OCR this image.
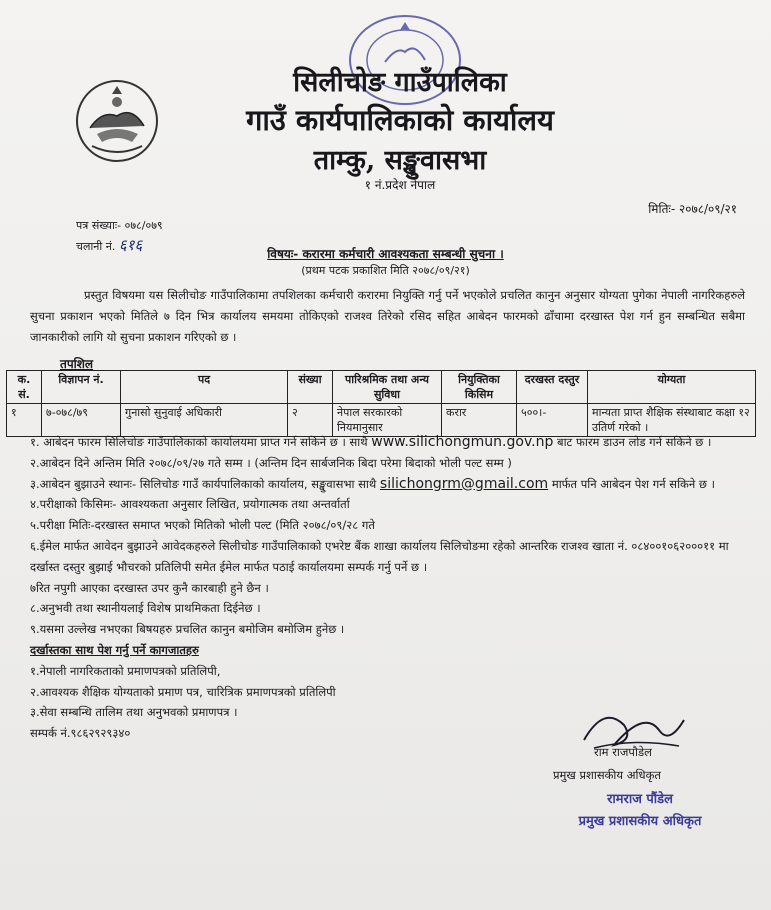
सिलीचोङ गाउँपालिका
गाउँ कार्यपालिकाको कार्यालय
ताम्कु, सङ्खुवासभा
१ नं.प्रदेश नेपाल
मितिः- २०७८/०९/२१
पत्र संख्याः- ०७८/०७९
चलानी नं. ६१६	विषयः- करारमा कर्मचारी आवश्यकता सम्बन्धी सुचना ।
(प्रथम पटक प्रकाशित मिति २०७८/०९/२१)
प्रस्तुत विषयमा यस सिलीचोङ गाउँपालिकामा तपशिलका कर्मचारी करारमा नियुक्ति गर्नु पर्ने भएकोले प्रचलित कानुन अनुसार योग्यता पुगेका नेपाली नागरिकहरुले सुचना प्रकाशन भएको मितिले ७ दिन भित्र कार्यालय समयमा तोकिएको राजश्व तिरेको रसिद सहित आबेदन फारमको ढाँचामा दरखास्त पेश गर्न हुन सम्बन्धित सबैमा जानकारीको लागि यो सुचना प्रकाशन गरिएको छ ।
तपशिल
क. सं.	विज्ञापन नं.	पद	संख्या	पारिश्रमिक तथा अन्य सुविधा	नियुक्तिका किसिम	दरखस्त दस्तुर	योग्यता
१	७-०७८/७९	गुनासो सुनुवाई अधिकारी	२	नेपाल सरकारको नियमानुसार	करार	५००।-	मान्यता प्राप्त शैक्षिक संस्थाबाट कक्षा १२ उतिर्ण गरेको ।

१. आबेदन फारम सिलिचोङ गाउँपालिकाको कार्यालयमा प्राप्त गर्न सकिने छ । साथै www.silichongmun.gov.np बाट फारम डाउन लोड गर्न सकिने छ ।

२.आबेदन दिने अन्तिम मिति २०७८/०९/२७ गते सम्म । (अन्तिम दिन सार्बजनिक बिदा परेमा बिदाको भोली पल्ट सम्म )

३.आबेदन बुझाउने स्थानः- सिलिचोङ गाउँ कार्यपालिकाको कार्यालय, सङ्खुवासभा साथै silichongrm@gmail.com मार्फत पनि आबेदन पेश गर्न सकिने छ ।

४.परीक्षाको किसिमः- आवश्यकता अनुसार लिखित, प्रयोगात्मक तथा अन्तर्वार्ता

५.परीक्षा मितिः-दरखास्त समाप्त भएको मितिको भोली पल्ट (मिति २०७८/०९/२८ गते

६.ईमेल मार्फत आवेदन बुझाउने आवेदकहरुले सिलीचोङ गाउँपालिकाको एभरेष्ट बैंक शाखा कार्यालय सिलिचोङमा रहेको आन्तरिक राजश्व खाता नं. ०८४००१०६२०००११ मा दर्खास्त दस्तुर बुझाई भौचरको प्रतिलिपी समेत ईमेल मार्फत पठाई कार्यालयमा सम्पर्क गर्नु पर्ने छ ।

७रित नपुगी आएका दरखास्त उपर कुनै कारबाही हुने छैन ।

८.अनुभवी तथा स्थानीयलाई विशेष प्राथमिकता दिईनेछ ।

९.यसमा उल्लेख नभएका बिषयहरु प्रचलित कानुन बमोजिम बमोजिम हुनेछ ।

दर्खास्तका साथ पेश गर्नु पर्ने कागजातहरु

१.नेपाली नागरिकताको प्रमाणपत्रको प्रतिलिपी,

२.आवश्यक शैक्षिक योग्यताको प्रमाण पत्र, चारित्रिक प्रमाणपत्रको प्रतिलिपी

३.सेवा सम्बन्धि तालिम तथा अनुभवको प्रमाणपत्र ।

सम्पर्क नं.९८६२९२९३४०

राम राजपौडेल
प्रमुख प्रशासकीय अधिकृत
रामराज पौंडेल
प्रमुख प्रशासकीय अधिकृत
